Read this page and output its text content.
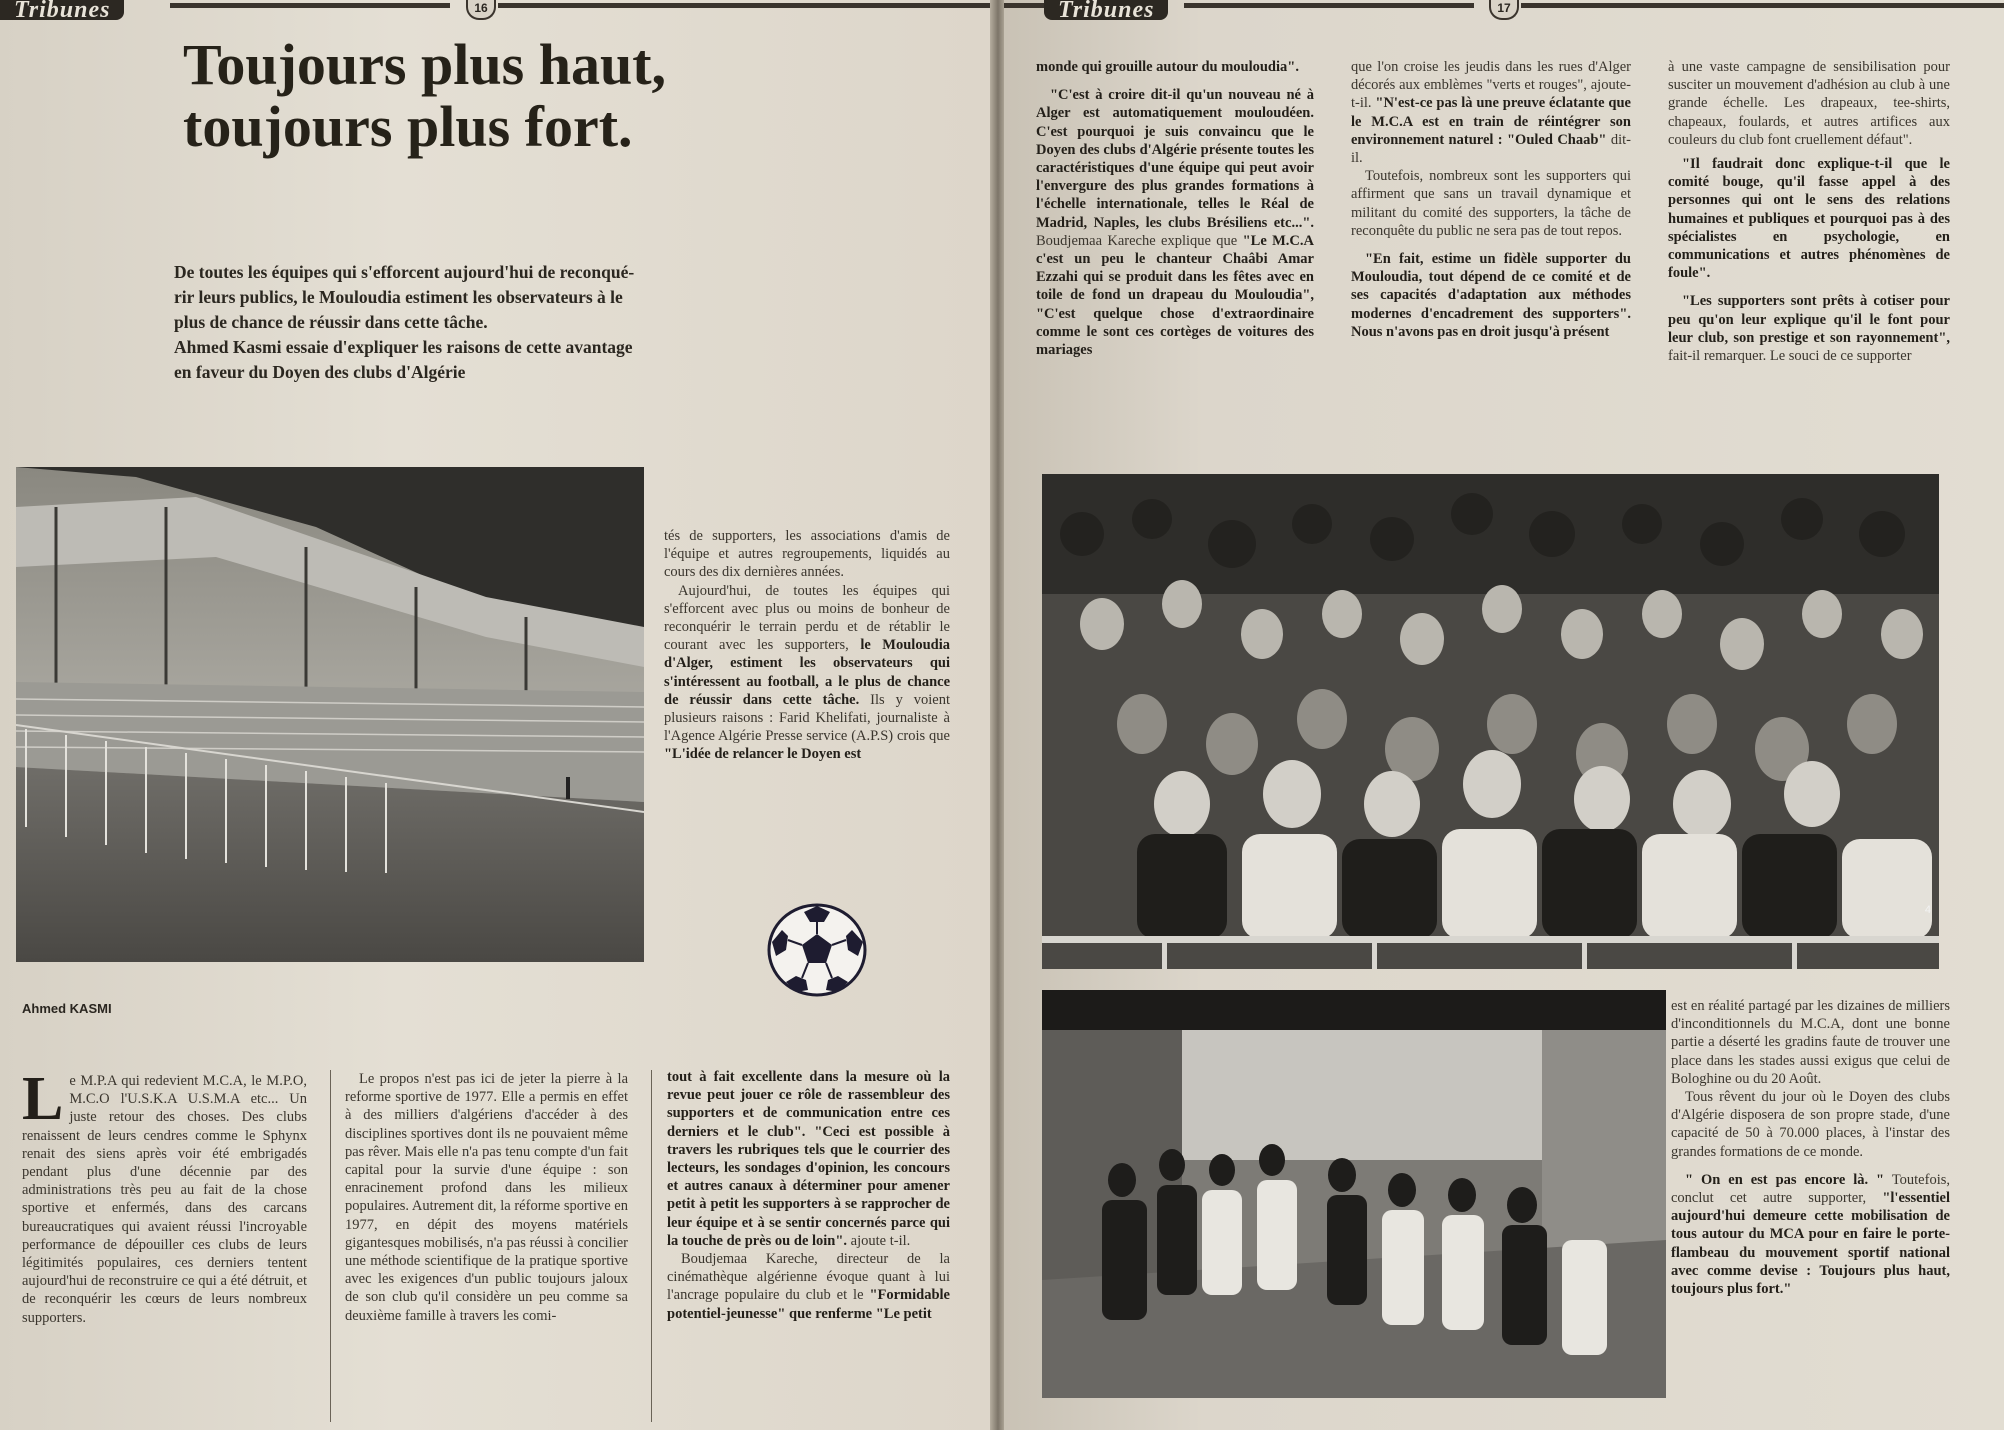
Tribunes	16
Toujours plus haut,
toujours plus fort.

De toutes les équipes qui s'efforcent aujourd'hui de reconqué-
rir leurs publics, le Mouloudia estiment les observateurs à le
plus de chance de réussir dans cette tâche.
Ahmed Kasmi essaie d'expliquer les raisons de cette avantage
en faveur du Doyen des clubs d'Algérie

tés de supporters, les associations d'amis de l'équipe et autres regroupements, liquidés au cours des dix dernières années.

Aujourd'hui, de toutes les équipes qui s'efforcent avec plus ou moins de bonheur de reconquérir le terrain perdu et de rétablir le courant avec les supporters, le Mouloudia d'Alger, estiment les observateurs qui s'intéressent au football, a le plus de chance de réussir dans cette tâche. Ils y voient plusieurs raisons : Farid Khelifati, journaliste à l'Agence Algérie Presse service (A.P.S) crois que "L'idée de relancer le Doyen est

Ahmed KASMI

Le M.P.A qui redevient M.C.A, le M.P.O, M.C.O l'U.S.K.A U.S.M.A etc... Un juste retour des choses. Des clubs renaissent de leurs cendres comme le Sphynx renait des siens après voir été embrigadés pendant plus d'une décennie par des administrations très peu au fait de la chose sportive et enfermés, dans des carcans bureaucratiques qui avaient réussi l'incroyable performance de dépouiller ces clubs de leurs légitimités populaires, ces derniers tentent aujourd'hui de reconstruire ce qui a été détruit, et de reconquérir les cœurs de leurs nombreux supporters.

Le propos n'est pas ici de jeter la pierre à la reforme sportive de 1977. Elle a permis en effet à des milliers d'algériens d'accéder à des disciplines sportives dont ils ne pouvaient même pas rêver. Mais elle n'a pas tenu compte d'un fait capital pour la survie d'une équipe : son enracinement profond dans les milieux populaires. Autrement dit, la réforme sportive en 1977, en dépit des moyens matériels gigantesques mobilisés, n'a pas réussi à concilier une méthode scientifique de la pratique sportive avec les exigences d'un public toujours jaloux de son club qu'il considère un peu comme sa deuxième famille à travers les comi-

tout à fait excellente dans la mesure où la revue peut jouer ce rôle de rassembleur des supporters et de communication entre ces derniers et le club". "Ceci est possible à travers les rubriques tels que le courrier des lecteurs, les sondages d'opinion, les concours et autres canaux à déterminer pour amener petit à petit les supporters à se rapprocher de leur équipe et à se sentir concernés parce qui la touche de près ou de loin". ajoute t-il.

Boudjemaa Kareche, directeur de la cinémathèque algérienne évoque quant à lui l'ancrage populaire du club et le "Formidable potentiel-jeunesse" que renferme "Le petit

Tribunes	17

monde qui grouille autour du mouloudia".

"C'est à croire dit-il qu'un nouveau né à Alger est automatiquement mouloudéen. C'est pourquoi je suis convaincu que le Doyen des clubs d'Algérie présente toutes les caractéristiques d'une équipe qui peut avoir l'envergure des plus grandes formations à l'échelle internationale, telles le Réal de Madrid, Naples, les clubs Brésiliens etc...". Boudjemaa Kareche explique que "Le M.C.A c'est un peu le chanteur Chaâbi Amar Ezzahi qui se produit dans les fêtes avec en toile de fond un drapeau du Mouloudia", "C'est quelque chose d'extraordinaire comme le sont ces cortèges de voitures des mariages

que l'on croise les jeudis dans les rues d'Alger décorés aux emblèmes "verts et rouges", ajoute-t-il. "N'est-ce pas là une preuve éclatante que le M.C.A est en train de réintégrer son environnement naturel : "Ouled Chaab" dit-il.

Toutefois, nombreux sont les supporters qui affirment que sans un travail dynamique et militant du comité des supporters, la tâche de reconquête du public ne sera pas de tout repos.

"En fait, estime un fidèle supporter du Mouloudia, tout dépend de ce comité et de ses capacités d'adaptation aux méthodes modernes d'encadrement des supporters". Nous n'avons pas en droit jusqu'à présent

à une vaste campagne de sensibilisation pour susciter un mouvement d'adhésion au club à une grande échelle. Les drapeaux, tee-shirts, chapeaux, foulards, et autres artifices aux couleurs du club font cruellement défaut".

"Il faudrait donc explique-t-il que le comité bouge, qu'il fasse appel à des personnes qui ont le sens des relations humaines et publiques et pourquoi pas à des spécialistes en psychologie, en communications et autres phénomènes de foule".

"Les supporters sont prêts à cotiser pour peu qu'on leur explique qu'il le font pour leur club, son prestige et son rayonnement", fait-il remarquer. Le souci de ce supporter

4

est en réalité partagé par les dizaines de milliers d'inconditionnels du M.C.A, dont une bonne partie a déserté les gradins faute de trouver une place dans les stades aussi exigus que celui de Bologhine ou du 20 Août.

Tous rêvent du jour où le Doyen des clubs d'Algérie disposera de son propre stade, d'une capacité de 50 à 70.000 places, à l'instar des grandes formations de ce monde.

" On en est pas encore là. " Toutefois, conclut cet autre supporter, "l'essentiel aujourd'hui demeure cette mobilisation de tous autour du MCA pour en faire le porte-flambeau du mouvement sportif national avec comme devise : Toujours plus haut, toujours plus fort."
